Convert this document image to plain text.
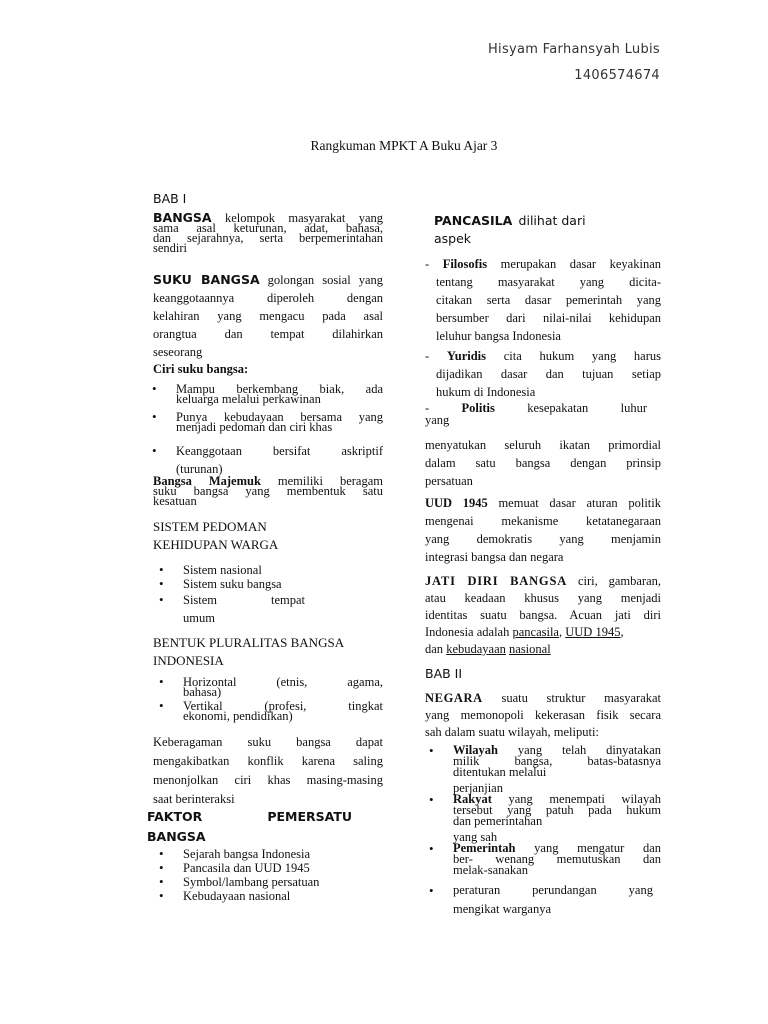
Hisyam Farhansyah Lubis
1406574674
Rangkuman MPKT A Buku Ajar 3
BAB I
BANGSA kelompok masyarakat yang
sama asal keturunan, adat, bahasa,
dan sejarahnya, serta berpemerintahan
sendiri
SUKU BANGSA golongan sosial yang
keanggotaannya diperoleh dengan
kelahiran yang mengacu pada asal
orangtua dan tempat dilahirkan
seseorang
Ciri suku bangsa:
• Mampu berkembang biak, ada
keluarga melalui perkawinan
• Punya kebudayaan bersama yang
menjadi pedoman dan ciri khas
• Keanggotaan bersifat askriptif
(turunan)
Bangsa Majemuk memiliki beragam
suku bangsa yang membentuk satu
kesatuan
SISTEM PEDOMAN
KEHIDUPAN WARGA
• Sistem nasional
• Sistem suku bangsa
• Sistem tempat
umum
BENTUK PLURALITAS BANGSA
INDONESIA
• Horizontal (etnis, agama,
bahasa)
• Vertikal (profesi, tingkat
ekonomi, pendidikan)
Keberagaman suku bangsa dapat
mengakibatkan konflik karena saling
menonjolkan ciri khas masing-masing
saat berinteraksi
FAKTOR PEMERSATU
BANGSA
• Sejarah bangsa Indonesia
• Pancasila dan UUD 1945
• Symbol/lambang persatuan
• Kebudayaan nasional
PANCASILA dilihat dari
aspek
- Filosofis merupakan dasar keyakinan
tentang masyarakat yang dicita-
citakan serta dasar pemerintah yang
bersumber dari nilai-nilai kehidupan
leluhur bangsa Indonesia
- Yuridis cita hukum yang harus
dijadikan dasar dan tujuan setiap
hukum di Indonesia
- Politis	kesepakatan luhur
yang
menyatukan seluruh ikatan primordial
dalam satu bangsa dengan prinsip
persatuan
UUD 1945 memuat dasar aturan politik
mengenai mekanisme ketatanegaraan
yang demokratis yang menjamin
integrasi bangsa dan negara
JATI DIRI BANGSA ciri, gambaran,
atau keadaan khusus yang menjadi
identitas suatu bangsa. Acuan jati diri
Indonesia adalah pancasila, UUD 1945,
dan kebudayaan nasional
BAB II
NEGARA suatu struktur masyarakat
yang memonopoli kekerasan fisik secara
sah dalam suatu wilayah, meliputi:
• Wilayah yang telah dinyatakan
milik bangsa, batas-batasnya
ditentukan melalui
perjanjian
• Rakyat yang menempati wilayah
tersebut yang patuh pada hukum
dan pemerintahan
yang sah
• Pemerintah yang mengatur dan
ber- wenang memutuskan dan
melak-sanakan
• peraturan perundangan yang
mengikat warganya
